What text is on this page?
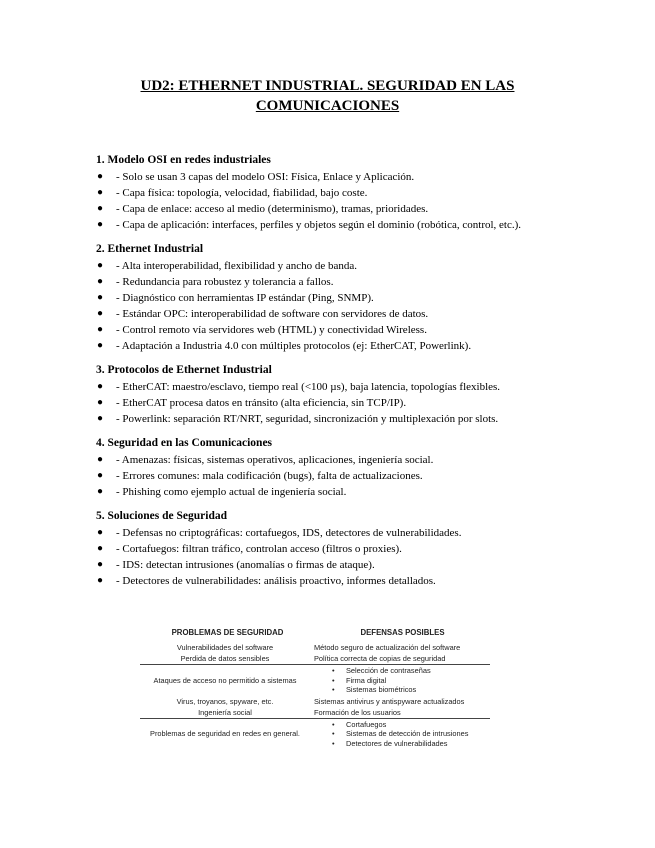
UD2: ETHERNET INDUSTRIAL. SEGURIDAD EN LAS
COMUNICACIONES
1. Modelo OSI en redes industriales
● - Solo se usan 3 capas del modelo OSI: Física, Enlace y Aplicación.
● - Capa física: topología, velocidad, fiabilidad, bajo coste.
● - Capa de enlace: acceso al medio (determinismo), tramas, prioridades.
● - Capa de aplicación: interfaces, perfiles y objetos según el dominio (robótica, control, etc.).
2. Ethernet Industrial
● - Alta interoperabilidad, flexibilidad y ancho de banda.
● - Redundancia para robustez y tolerancia a fallos.
● - Diagnóstico con herramientas IP estándar (Ping, SNMP).
● - Estándar OPC: interoperabilidad de software con servidores de datos.
● - Control remoto vía servidores web (HTML) y conectividad Wireless.
● - Adaptación a Industria 4.0 con múltiples protocolos (ej: EtherCAT, Powerlink).
3. Protocolos de Ethernet Industrial
● - EtherCAT: maestro/esclavo, tiempo real (<100 µs), baja latencia, topologías flexibles.
● - EtherCAT procesa datos en tránsito (alta eficiencia, sin TCP/IP).
● - Powerlink: separación RT/NRT, seguridad, sincronización y multiplexación por slots.
4. Seguridad en las Comunicaciones
● - Amenazas: físicas, sistemas operativos, aplicaciones, ingeniería social.
● - Errores comunes: mala codificación (bugs), falta de actualizaciones.
● - Phishing como ejemplo actual de ingeniería social.
5. Soluciones de Seguridad
● - Defensas no criptográficas: cortafuegos, IDS, detectores de vulnerabilidades.
● - Cortafuegos: filtran tráfico, controlan acceso (filtros o proxies).
● - IDS: detectan intrusiones (anomalías o firmas de ataque).
● - Detectores de vulnerabilidades: análisis proactivo, informes detallados.
PROBLEMAS DE SEGURIDAD	DEFENSAS POSIBLES
Vulnerabilidades del software	Método seguro de actualización del software
Perdida de datos sensibles	Política correcta de copias de seguridad
Ataques de acceso no permitido a sistemas
• Selección de contraseñas
• Firma digital
• Sistemas biométricos
Virus, troyanos, spyware, etc.	Sistemas antivirus y antispyware actualizados
Ingeniería social	Formación de los usuarios
Problemas de seguridad en redes en general.
• Cortafuegos
• Sistemas de detección de intrusiones
• Detectores de vulnerabilidades
